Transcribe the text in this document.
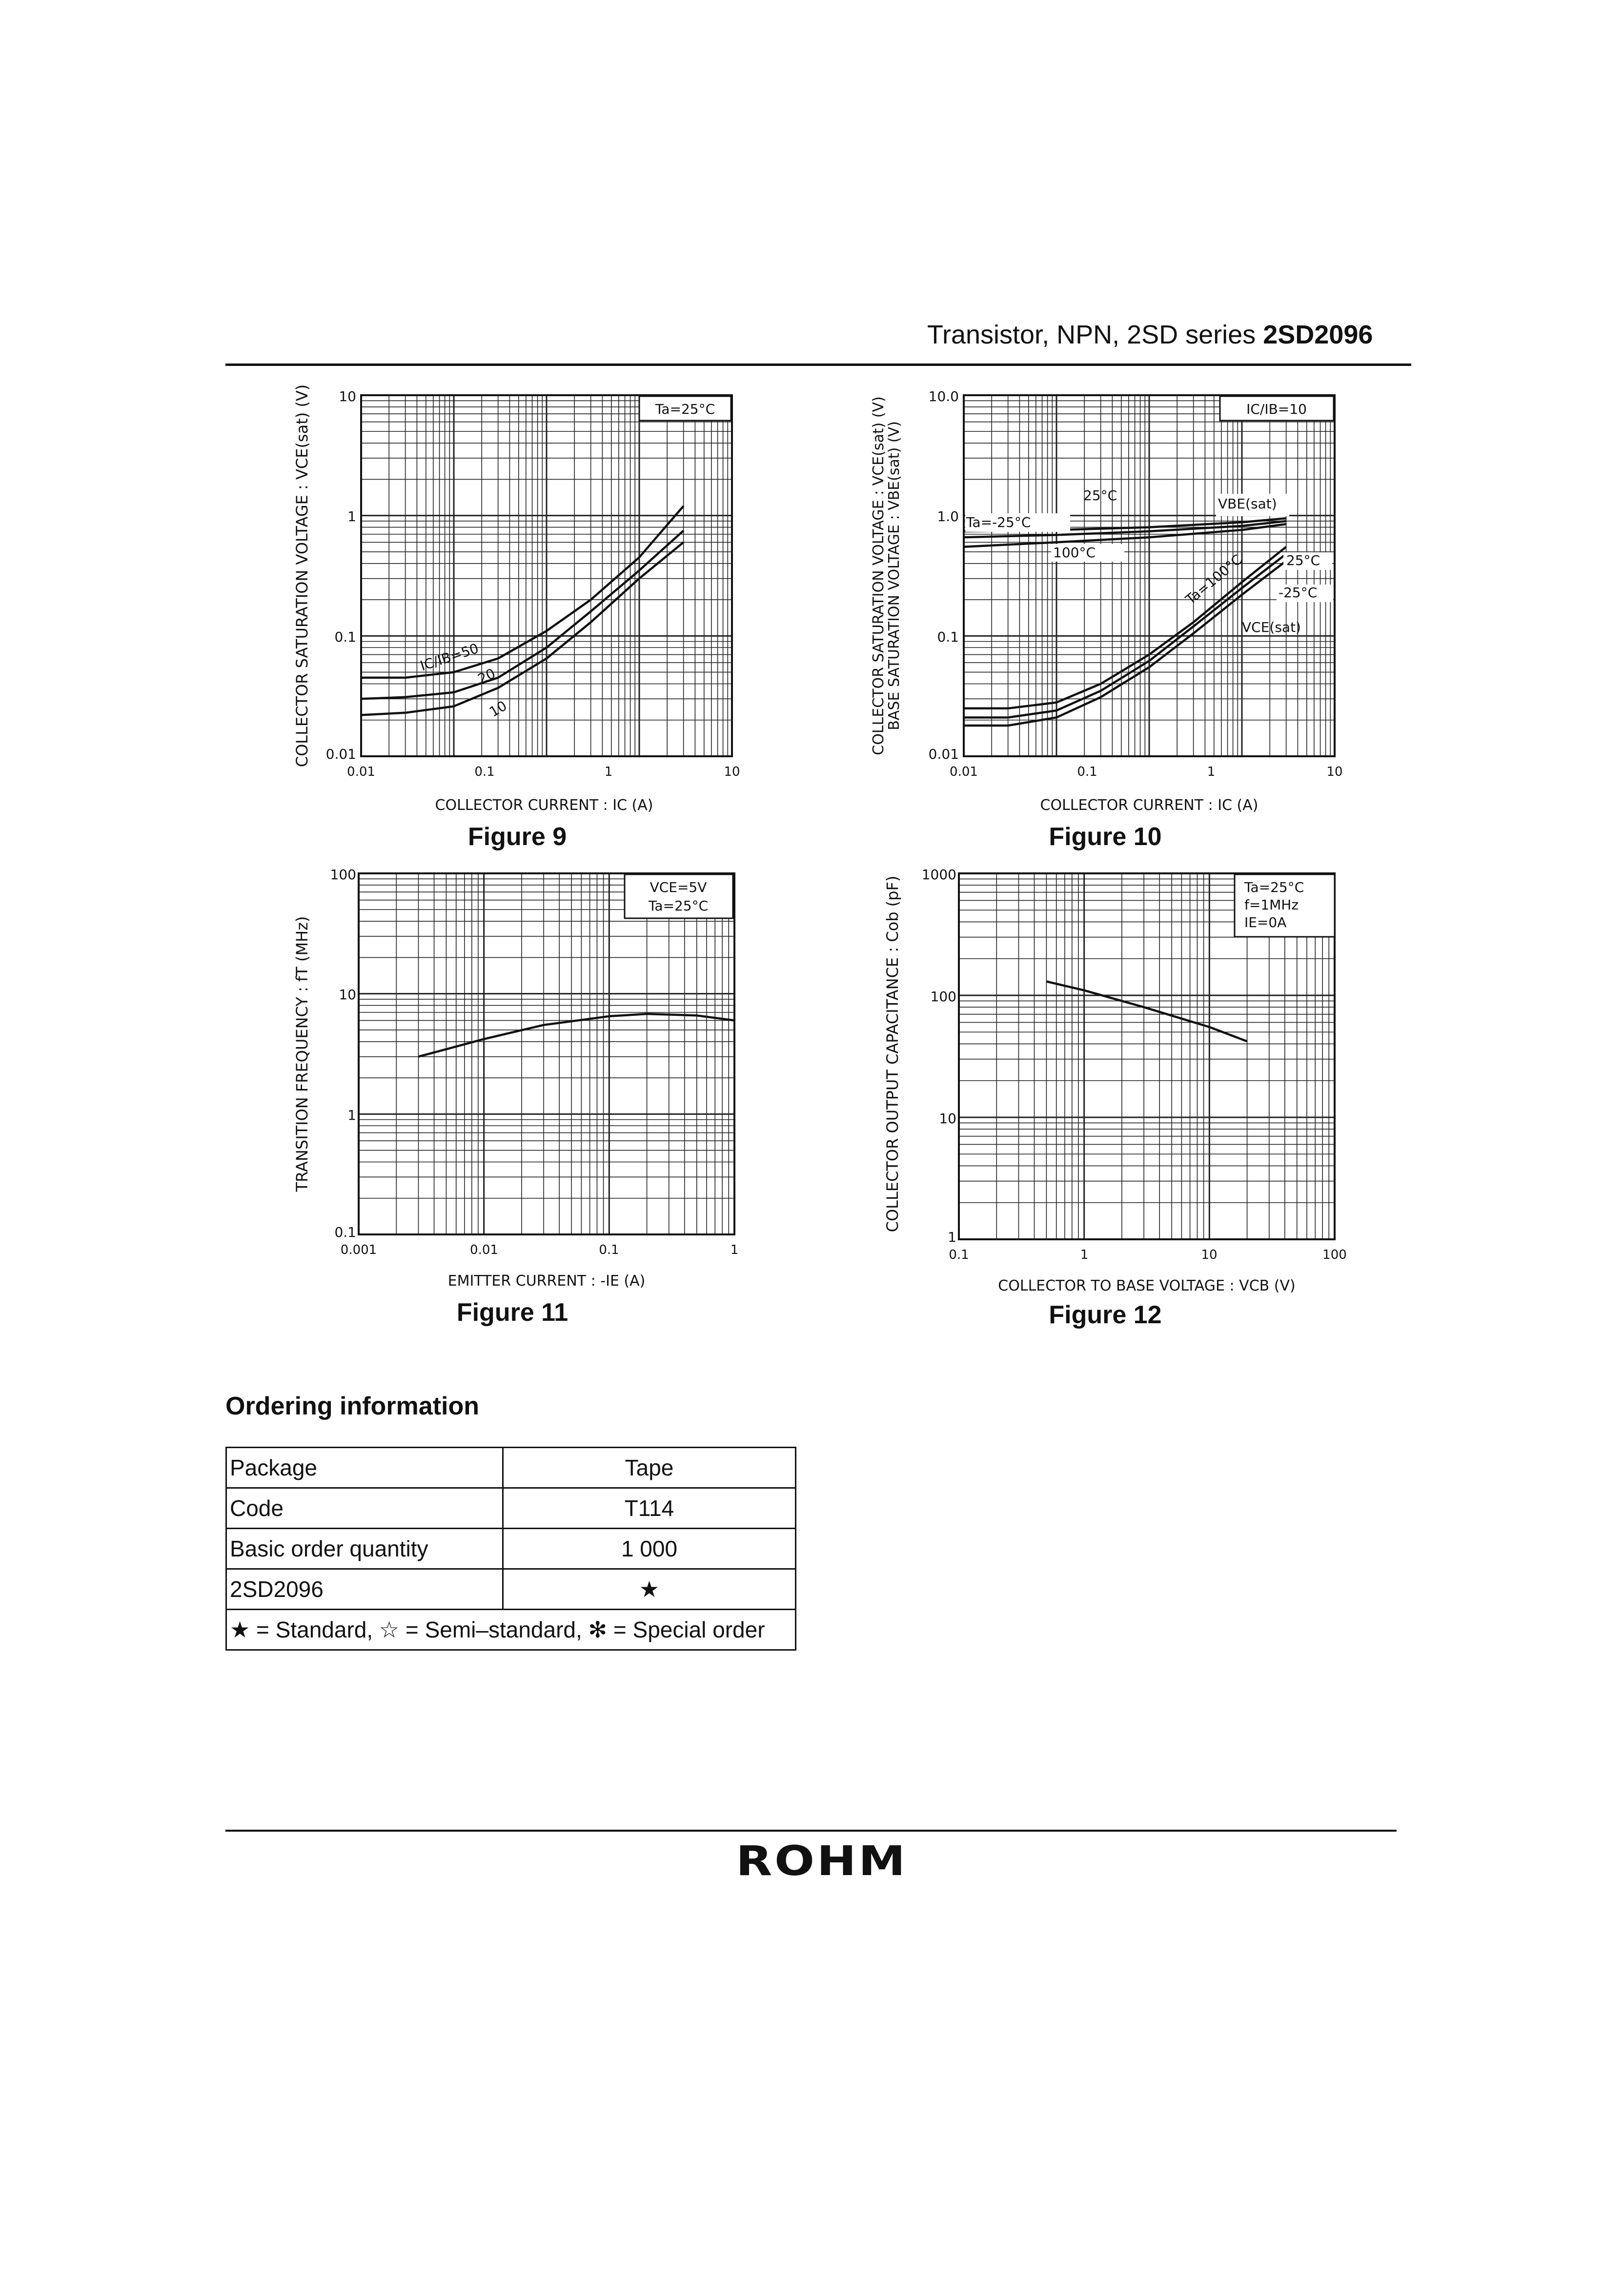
Transistor, NPN, 2SD series 2SD2096
COLLECTOR SATURATION VOLTAGE : VCE(sat) (V) 10
1
0.1
0.01
0.01	0.1	1	10
Ta=25°C
IC/IB=50
20
10
COLLECTOR CURRENT : IC (A)
Figure 9
COLLECTOR SATURATION VOLTAGE : VCE(sat) (V)
BASE SATURATION VOLTAGE : VBE(sat) (V)
10.0
1.0
0.1
0.01
0.01	0.1	1	10
IC/IB=10
Ta=-25°C
25°C
100°C
VBE(sat)
Ta=100°C	25°C
-25°C
VCE(sat)
COLLECTOR CURRENT : IC (A)
Figure 10
TRANSITION FREQUENCY : fT (MHz)
100
10
1
0.1
0.001	0.01	0.1	1
VCE=5V
Ta=25°C
EMITTER CURRENT : -IE (A)
Figure 11
COLLECTOR OUTPUT CAPACITANCE : Cob (pF)
1000
100
10
1
0.1	1	10	100
Ta=25°C
f=1MHz
IE=0A
COLLECTOR TO BASE VOLTAGE : VCB (V)
Figure 12
Ordering information
Package	Tape
Code	T114
Basic order quantity	1 000
2SD2096	★
★ = Standard, ☆ = Semi–standard, ✻ = Special order	
ROHM
